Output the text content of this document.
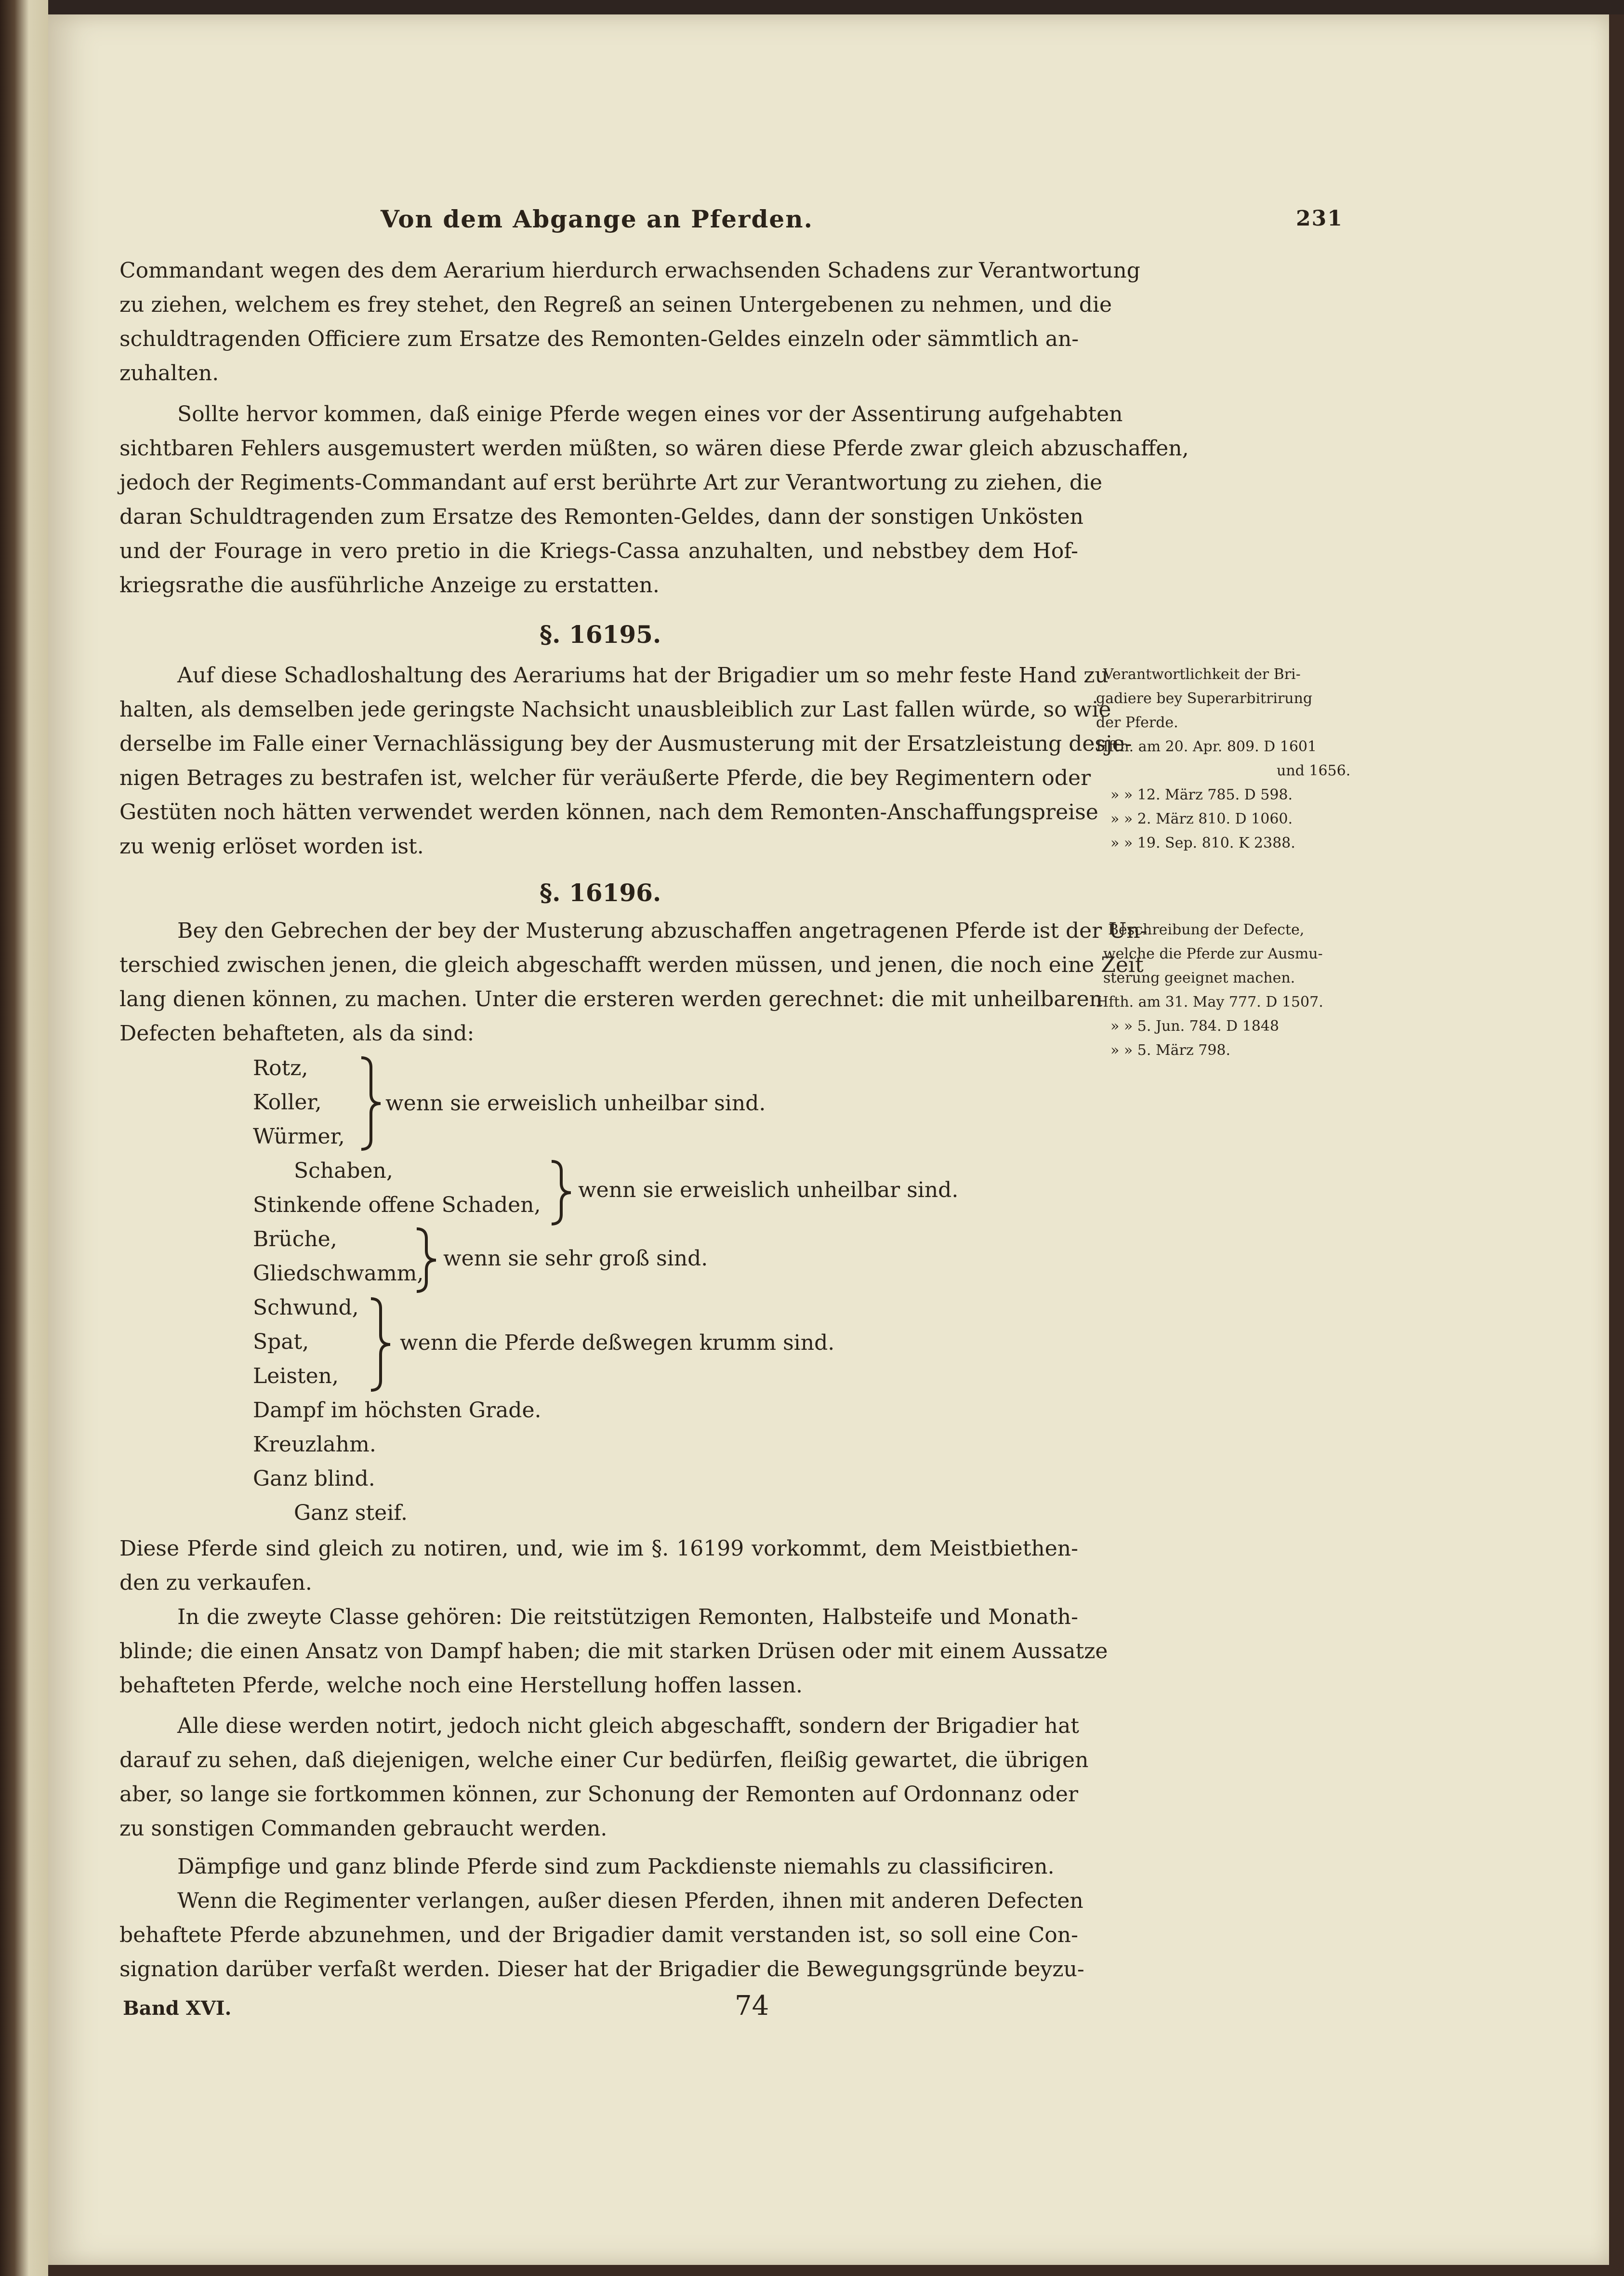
Von dem Abgange an Pferden.	231
Commandant wegen des dem Aerarium hierdurch erwachsenden Schadens zur Verantwortung
zu ziehen, welchem es frey stehet, den Regreß an seinen Untergebenen zu nehmen, und die
schuldtragenden Officiere zum Ersatze des Remonten-Geldes einzeln oder sämmtlich an-
zuhalten.
Sollte hervor kommen, daß einige Pferde wegen eines vor der Assentirung aufgehabten
sichtbaren Fehlers ausgemustert werden müßten, so wären diese Pferde zwar gleich abzuschaffen,
jedoch der Regiments-Commandant auf erst berührte Art zur Verantwortung zu ziehen, die
daran Schuldtragenden zum Ersatze des Remonten-Geldes, dann der sonstigen Unkösten
und der Fourage in vero pretio in die Kriegs-Cassa anzuhalten, und nebstbey dem Hof-
kriegsrathe die ausführliche Anzeige zu erstatten.
§. 16195.
Auf diese Schadloshaltung des Aerariums hat der Brigadier um so mehr feste Hand zu
halten, als demselben jede geringste Nachsicht unausbleiblich zur Last fallen würde, so wie
derselbe im Falle einer Vernachlässigung bey der Ausmusterung mit der Ersatzleistung desje-
nigen Betrages zu bestrafen ist, welcher für veräußerte Pferde, die bey Regimentern oder
Gestüten noch hätten verwendet werden können, nach dem Remonten-Anschaffungspreise
zu wenig erlöset worden ist.
Verantwortlichkeit der Bri-
gadiere bey Superarbitrirung
der Pferde.
Hfth. am 20. Apr. 809. D 1601
und 1656.
» » 12. März 785. D 598.
» » 2. März 810. D 1060.
» » 19. Sep. 810. K 2388.
§. 16196.
Bey den Gebrechen der bey der Musterung abzuschaffen angetragenen Pferde ist der Un-
terschied zwischen jenen, die gleich abgeschafft werden müssen, und jenen, die noch eine Zeit
lang dienen können, zu machen. Unter die ersteren werden gerechnet: die mit unheilbaren
Defecten behafteten, als da sind:
Beschreibung der Defecte,
welche die Pferde zur Ausmu-
sterung geeignet machen.
Hfth. am 31. May 777. D 1507.
» » 5. Jun. 784. D 1848
» » 5. März 798.
Rotz,
Koller,
Würmer,
wenn sie erweislich unheilbar sind.
Schaben,
Stinkende offene Schaden,
wenn sie erweislich unheilbar sind.
Brüche,
Gliedschwamm,
wenn sie sehr groß sind.
Schwund,
Spat,
Leisten,
wenn die Pferde deßwegen krumm sind.
Dampf im höchsten Grade.
Kreuzlahm.
Ganz blind.
Ganz steif.
Diese Pferde sind gleich zu notiren, und, wie im §. 16199 vorkommt, dem Meistbiethen-
den zu verkaufen.
In die zweyte Classe gehören: Die reitstützigen Remonten, Halbsteife und Monath-
blinde; die einen Ansatz von Dampf haben; die mit starken Drüsen oder mit einem Aussatze
behafteten Pferde, welche noch eine Herstellung hoffen lassen.
Alle diese werden notirt, jedoch nicht gleich abgeschafft, sondern der Brigadier hat
darauf zu sehen, daß diejenigen, welche einer Cur bedürfen, fleißig gewartet, die übrigen
aber, so lange sie fortkommen können, zur Schonung der Remonten auf Ordonnanz oder
zu sonstigen Commanden gebraucht werden.
Dämpfige und ganz blinde Pferde sind zum Packdienste niemahls zu classificiren.
Wenn die Regimenter verlangen, außer diesen Pferden, ihnen mit anderen Defecten
behaftete Pferde abzunehmen, und der Brigadier damit verstanden ist, so soll eine Con-
signation darüber verfaßt werden. Dieser hat der Brigadier die Bewegungsgründe beyzu-
Band XVI.	74
